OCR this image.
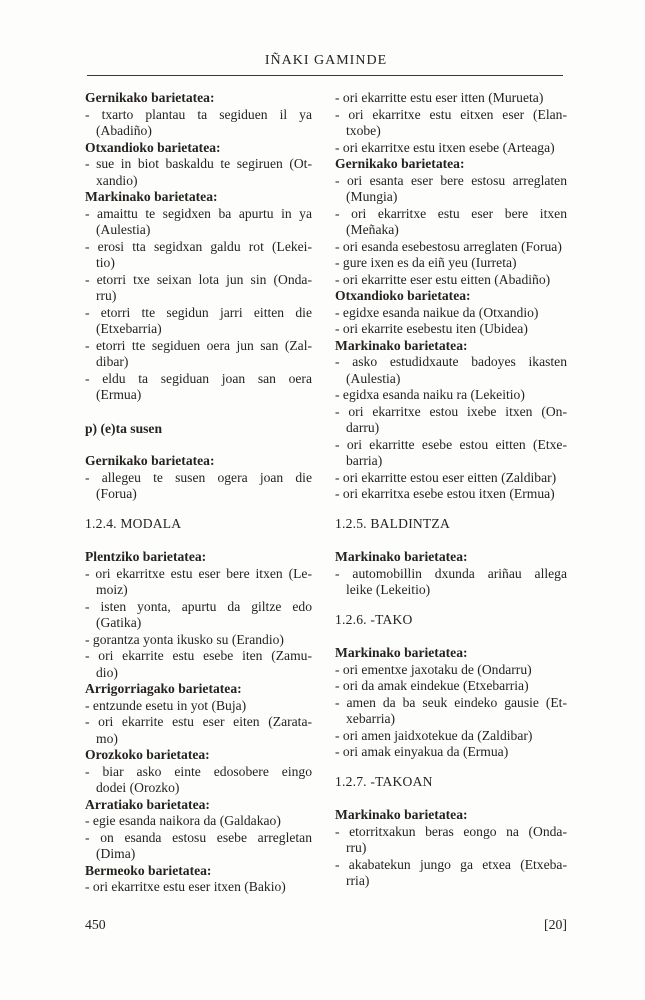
IÑAKI GAMINDE
Gernikako barietatea:
- txarto plantau ta segiduen il ya
(Abadiño)
Otxandioko barietatea:
- sue in biot baskaldu te segiruen (Ot-
xandio)
Markinako barietatea:
- amaittu te segidxen ba apurtu in ya
(Aulestia)
- erosi tta segidxan galdu rot (Lekei-
tio)
- etorri txe seixan lota jun sin (Onda-
rru)
- etorri tte segidun jarri eitten die
(Etxebarria)
- etorri tte segiduen oera jun san (Zal-
dibar)
- eldu ta segiduan joan san oera
(Ermua)
p) (e)ta susen
Gernikako barietatea:
- allegeu te susen ogera joan die
(Forua)
1.2.4. MODALA
Plentziko barietatea:
- ori ekarritxe estu eser bere itxen (Le-
moiz)
- isten yonta, apurtu da giltze edo
(Gatika)
- gorantza yonta ikusko su (Erandio)
- ori ekarrite estu esebe iten (Zamu-
dio)
Arrigorriagako barietatea:
- entzunde esetu in yot (Buja)
- ori ekarrite estu eser eiten (Zarata-
mo)
Orozkoko barietatea:
- biar asko einte edosobere eingo
dodei (Orozko)
Arratiako barietatea:
- egie esanda naikora da (Galdakao)
- on esanda estosu esebe arregletan
(Dima)
Bermeoko barietatea:
- ori ekarritxe estu eser itxen (Bakio)
- ori ekarritte estu eser itten (Murueta)
- ori ekarritxe estu eitxen eser (Elan-
txobe)
- ori ekarritxe estu itxen esebe (Arteaga)
Gernikako barietatea:
- ori esanta eser bere estosu arreglaten
(Mungia)
- ori ekarritxe estu eser bere itxen
(Meñaka)
- ori esanda esebestosu arreglaten (Forua)
- gure ixen es da eiñ yeu (Iurreta)
- ori ekarritte eser estu eitten (Abadiño)
Otxandioko barietatea:
- egidxe esanda naikue da (Otxandio)
- ori ekarrite esebestu iten (Ubidea)
Markinako barietatea:
- asko estudidxaute badoyes ikasten
(Aulestia)
- egidxa esanda naiku ra (Lekeitio)
- ori ekarritxe estou ixebe itxen (On-
darru)
- ori ekarritte esebe estou eitten (Etxe-
barria)
- ori ekarritte estou eser eitten (Zaldibar)
- ori ekarritxa esebe estou itxen (Ermua)
1.2.5. BALDINTZA
Markinako barietatea:
- automobillin dxunda ariñau allega
leike (Lekeitio)
1.2.6. -TAKO
Markinako barietatea:
- ori ementxe jaxotaku de (Ondarru)
- ori da amak eindekue (Etxebarria)
- amen da ba seuk eindeko gausie (Et-
xebarria)
- ori amen jaidxotekue da (Zaldibar)
- ori amak einyakua da (Ermua)
1.2.7. -TAKOAN
Markinako barietatea:
- etorritxakun beras eongo na (Onda-
rru)
- akabatekun jungo ga etxea (Etxeba-
rria)
450	[20]
